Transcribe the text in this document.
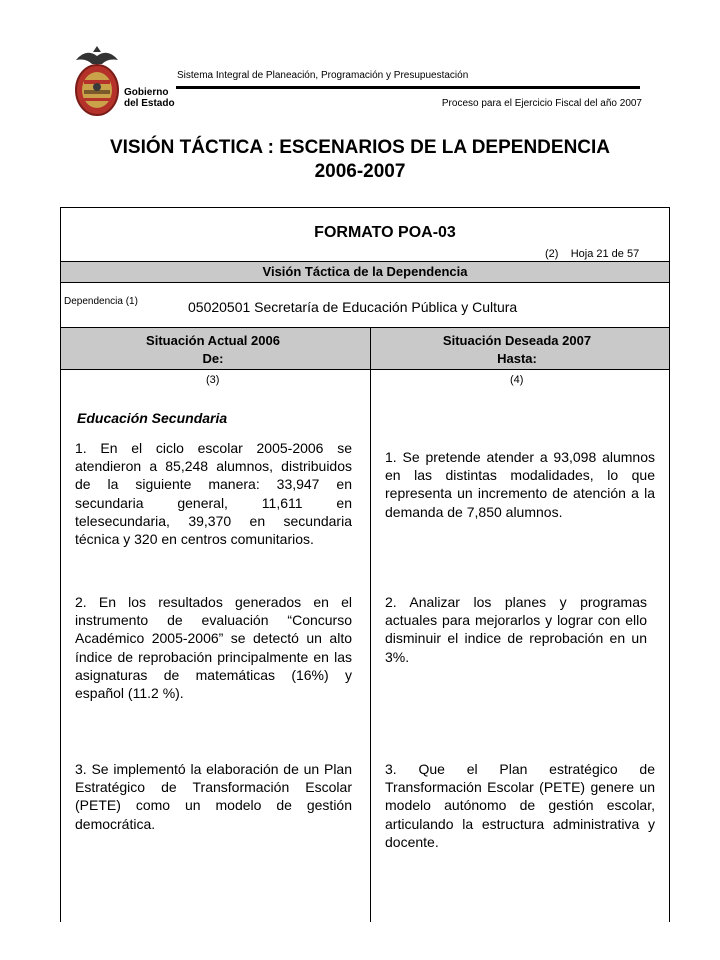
Gobierno
del Estado
Sistema Integral de Planeación, Programación y Presupuestación
Proceso para el Ejercicio Fiscal del año 2007
VISIÓN TÁCTICA : ESCENARIOS DE LA DEPENDENCIA
2006-2007
FORMATO POA-03
(2) Hoja 21 de 57
Visión Táctica de la Dependencia
Dependencia (1)	05020501 Secretaría de Educación Pública y Cultura
Situación Actual 2006
De:
Situación Deseada 2007
Hasta:
(3)	(4)
Educación Secundaria
1. En el ciclo escolar 2005-2006 se atendieron a 85,248 alumnos, distribuidos de la siguiente manera: 33,947 en secundaria general, 11,611 en telesecundaria, 39,370 en secundaria técnica y 320 en centros comunitarios.
2. En los resultados generados en el instrumento de evaluación “Concurso Académico 2005-2006” se detectó un alto índice de reprobación principalmente en las asignaturas de matemáticas (16%) y español (11.2 %).
3. Se implementó la elaboración de un Plan Estratégico de Transformación Escolar (PETE) como un modelo de gestión democrática.
1. Se pretende atender a 93,098 alumnos en las distintas modalidades, lo que representa un incremento de atención a la demanda de 7,850 alumnos.
2. Analizar los planes y programas actuales para mejorarlos y lograr con ello disminuir el indice de reprobación en un 3%.
3. Que el Plan estratégico de Transformación Escolar (PETE) genere un modelo autónomo de gestión escolar, articulando la estructura administrativa y docente.
